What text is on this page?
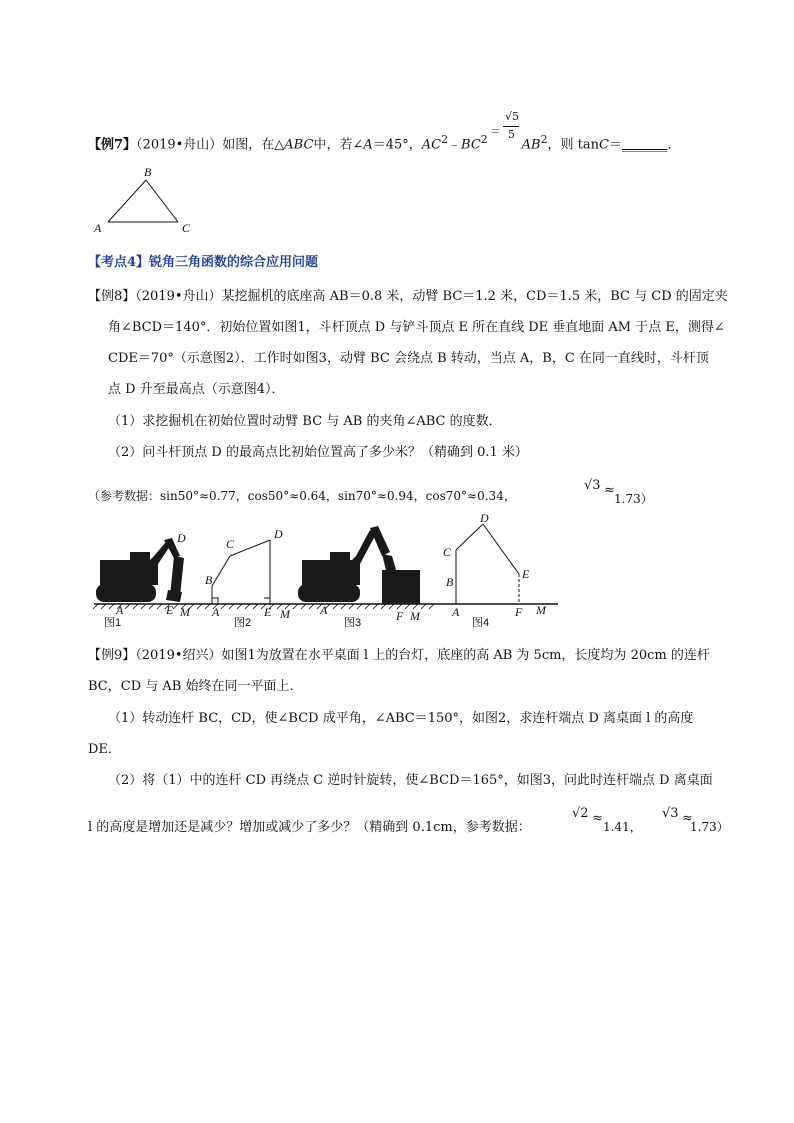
【例7】（2019•舟山）如图，在△ABC中，若∠A＝45°，$AC^2﹣BC^2$	$AB^2$，则 tanC＝_______．
＝
√5
5
B
A	C
【考点4】锐角三角函数的综合应用问题
【例8】（2019•舟山）某挖掘机的底座高 AB＝0.8 米，动臂 BC＝1.2 米，CD＝1.5 米，BC 与 CD 的固定夹
角∠BCD＝140°．初始位置如图1，斗杆顶点 D 与铲斗顶点 E 所在直线 DE 垂直地面 AM 于点 E，测得∠
CDE＝70°（示意图2）．工作时如图3，动臂 BC 会绕点 B 转动，当点 A，B，C 在同一直线时，斗杆顶
点 D 升至最高点（示意图4）．
（1）求挖掘机在初始位置时动臂 BC 与 AB 的夹角∠ABC 的度数．
（2）问斗杆顶点 D 的最高点比初始位置高了多少米？（精确到 0.1 米）
（参考数据：sin50°≈0.77，cos50°≈0.64，sin70°≈0.94，cos70°≈0.34，
√3 ≈
1.73）
A	E M
D
图1
B
C
D
A	E M
图2
A	F M
图3
B
C
D
E
A	F M
图4
【例9】（2019•绍兴）如图1为放置在水平桌面 l 上的台灯，底座的高 AB 为 5cm，长度均为 20cm 的连杆
BC，CD 与 AB 始终在同一平面上．
（1）转动连杆 BC，CD，使∠BCD 成平角，∠ABC＝150°，如图2，求连杆端点 D 离桌面 l 的高度
DE．
（2）将（1）中的连杆 CD 再绕点 C 逆时针旋转，使∠BCD＝165°，如图3，问此时连杆端点 D 离桌面
l 的高度是增加还是减少？增加或减少了多少？（精确到 0.1cm，参考数据：
√2 ≈
1.41，
√3 ≈
1.73）
